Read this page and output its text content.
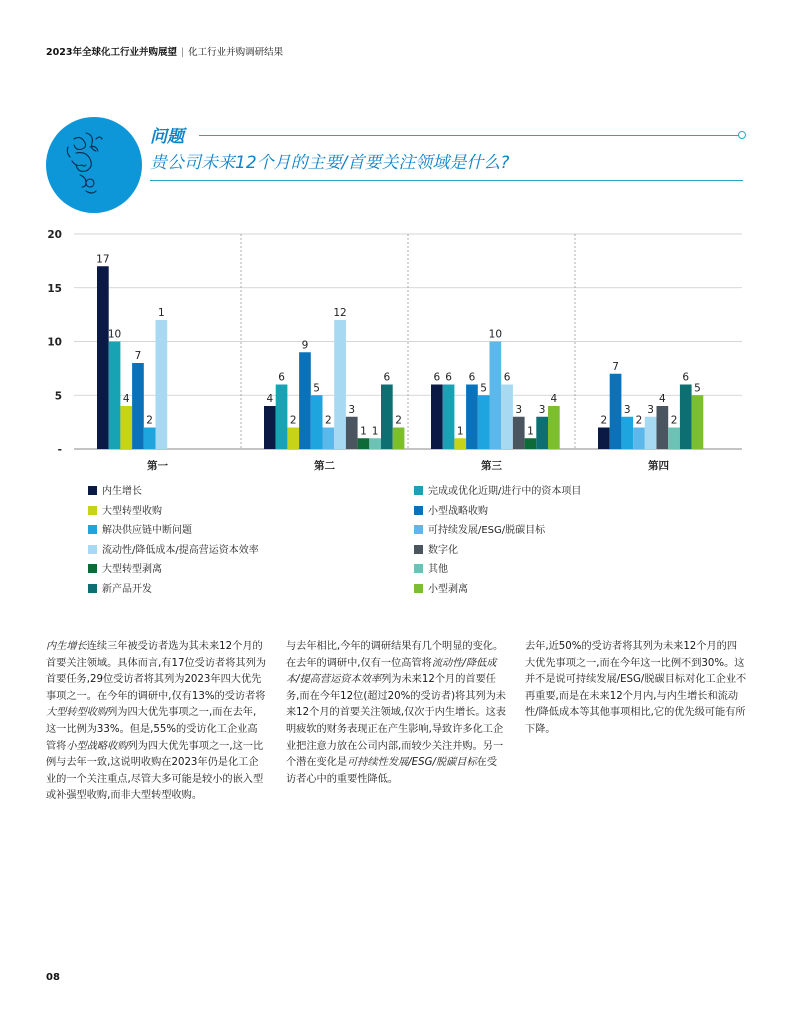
2023年全球化工行业并购展望 | 化工行业并购调研结果
问题
贵公司未来12个月的主要/首要关注领域是什么?
-
5
10
15
20
17
10
4
7
2
1
第一
4
6
2
9
5
2
12
3
1 1
6
2
第二
6 6
1
6
5
10
6
3
1
3
4
第三
2
7
3
2
3
4
2
6
5
第四
内生增长
大型转型收购
解决供应链中断问题
流动性/降低成本/提高营运资本效率
大型转型剥离
新产品开发
完成或优化近期/进行中的资本项目
小型战略收购
可持续发展/ESG/脱碳目标
数字化
其他
小型剥离

内生增长连续三年被受访者选为其未来12个月的首要关注领域。具体而言,有17位受访者将其列为首要任务,29位受访者将其列为2023年四大优先事项之一。在今年的调研中,仅有13%的受访者将大型转型收购列为四大优先事项之一,而在去年,这一比例为33%。但是,55%的受访化工企业高管将小型战略收购列为四大优先事项之一,这一比例与去年一致,这说明收购在2023年仍是化工企业的一个关注重点,尽管大多可能是较小的嵌入型或补强型收购,而非大型转型收购。

与去年相比,今年的调研结果有几个明显的变化。在去年的调研中,仅有一位高管将流动性/降低成本/提高营运资本效率列为未来12个月的首要任务,而在今年12位(超过20%的受访者)将其列为未来12个月的首要关注领域,仅次于内生增长。这表明疲软的财务表现正在产生影响,导致许多化工企业把注意力放在公司内部,而较少关注并购。另一个潜在变化是可持续性发展/ESG/脱碳目标在受访者心中的重要性降低。

去年,近50%的受访者将其列为未来12个月的四大优先事项之一,而在今年这一比例不到30%。这并不是说可持续发展/ESG/脱碳目标对化工企业不再重要,而是在未来12个月内,与内生增长和流动性/降低成本等其他事项相比,它的优先级可能有所下降。

08
